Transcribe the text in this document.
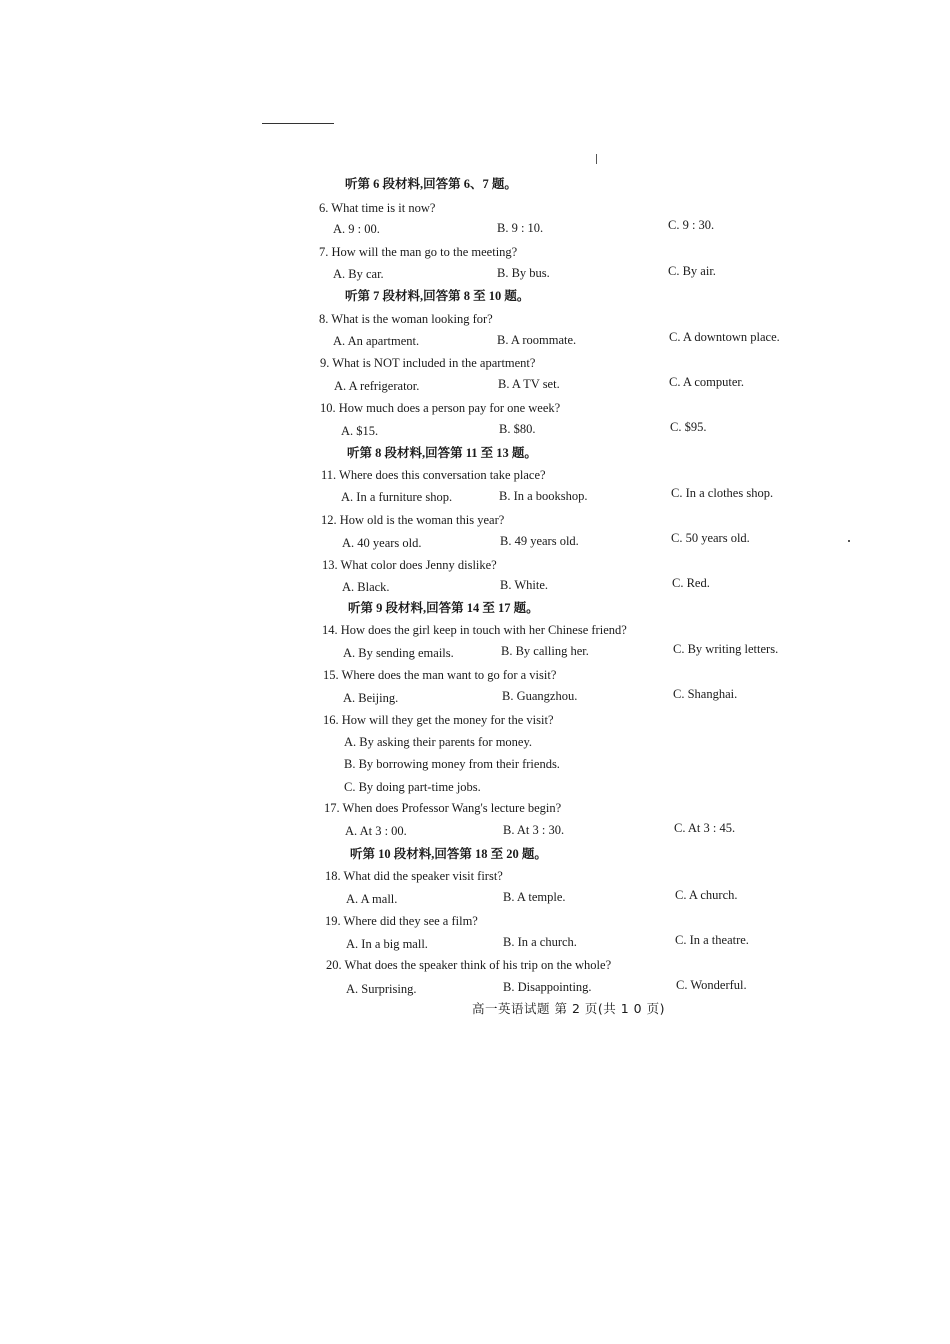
听第 6 段材料,回答第 6、7 题。
6. What time is it now?
A. 9 : 00.	B. 9 : 10.	C. 9 : 30.
7. How will the man go to the meeting?
A. By car.	B. By bus.	C. By air.
听第 7 段材料,回答第 8 至 10 题。
8. What is the woman looking for?
A. An apartment.	B. A roommate.	C. A downtown place.
9. What is NOT included in the apartment?
A. A refrigerator.	B. A TV set.	C. A computer.
10. How much does a person pay for one week?
A. $15.	B. $80.	C. $95.
听第 8 段材料,回答第 11 至 13 题。
11. Where does this conversation take place?
A. In a furniture shop.	B. In a bookshop.	C. In a clothes shop.
12. How old is the woman this year?
A. 40 years old.	B. 49 years old.	C. 50 years old.
13. What color does Jenny dislike?
A. Black.	B. White.	C. Red.
听第 9 段材料,回答第 14 至 17 题。
14. How does the girl keep in touch with her Chinese friend?
A. By sending emails.	B. By calling her.	C. By writing letters.
15. Where does the man want to go for a visit?
A. Beijing.	B. Guangzhou.	C. Shanghai.
16. How will they get the money for the visit?
A. By asking their parents for money.
B. By borrowing money from their friends.
C. By doing part-time jobs.
17. When does Professor Wang's lecture begin?
A. At 3 : 00.	B. At 3 : 30.	C. At 3 : 45.
听第 10 段材料,回答第 18 至 20 题。
18. What did the speaker visit first?
A. A mall.	B. A temple.	C. A church.
19. Where did they see a film?
A. In a big mall.	B. In a church.	C. In a theatre.
20. What does the speaker think of his trip on the whole?
A. Surprising.	B. Disappointing.	C. Wonderful.
高一英语试题 第 2 页(共 1 0 页)
